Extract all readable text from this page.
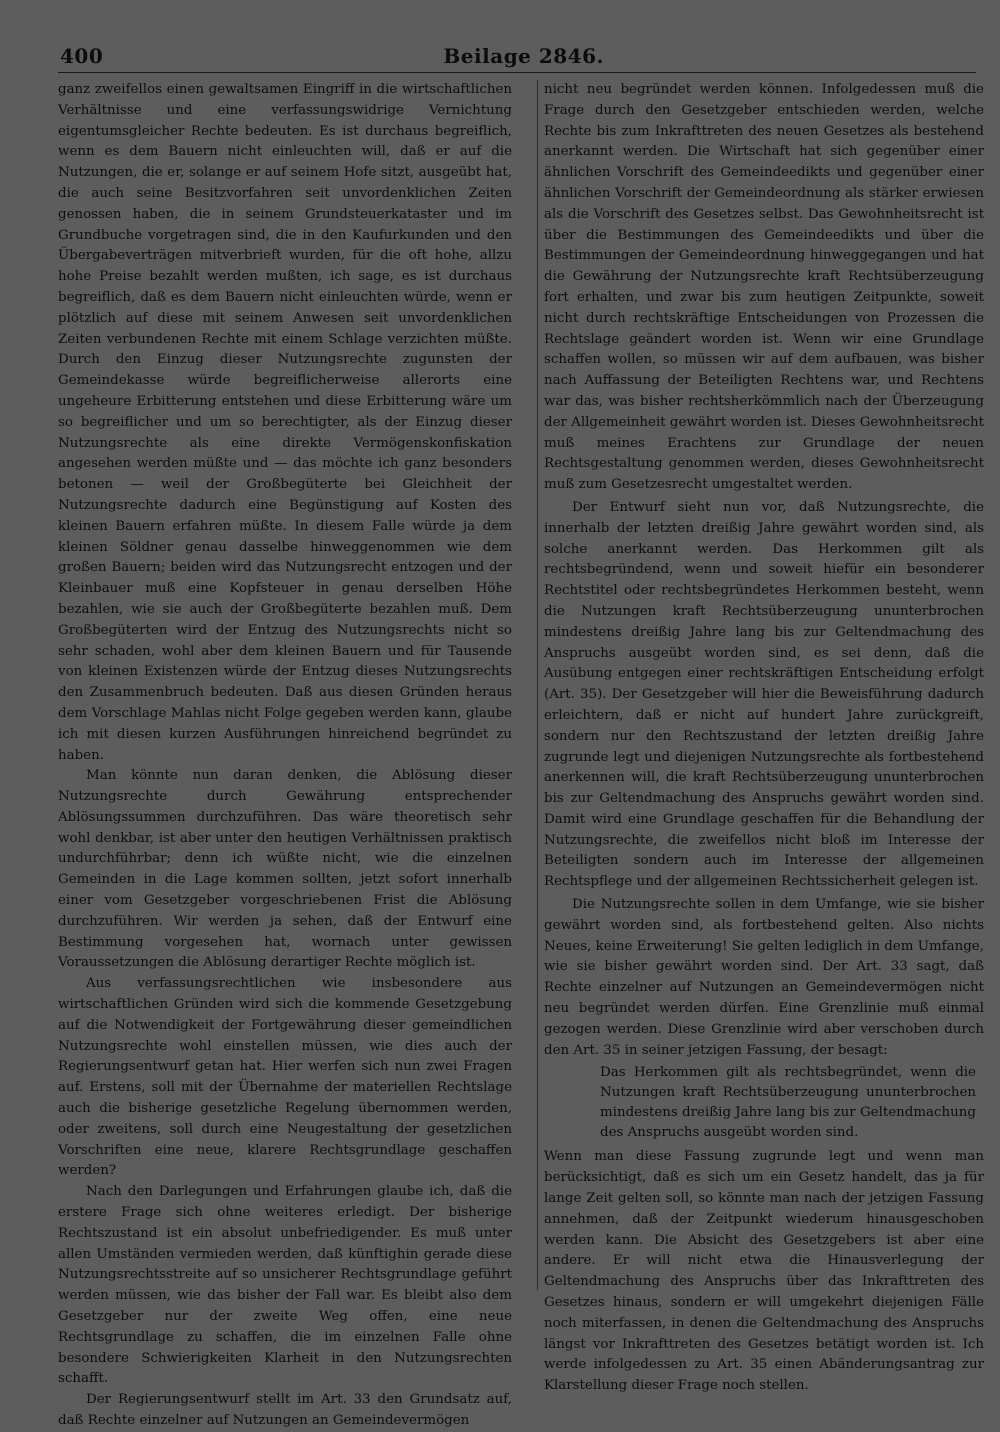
400	Beilage 2846.

ganz zweifellos einen gewaltsamen Eingriff in die wirtschaftlichen Verhältnisse und eine verfassungswidrige Vernichtung eigentumsgleicher Rechte bedeuten. Es ist durchaus begreiflich, wenn es dem Bauern nicht einleuchten will, daß er auf die Nutzungen, die er, solange er auf seinem Hofe sitzt, ausgeübt hat, die auch seine Besitzvorfahren seit unvordenklichen Zeiten genossen haben, die in seinem Grundsteuerkataster und im Grundbuche vorgetragen sind, die in den Kaufurkunden und den Übergabeverträgen mitverbrieft wurden, für die oft hohe, allzu hohe Preise bezahlt werden mußten, ich sage, es ist durchaus begreiflich, daß es dem Bauern nicht einleuchten würde, wenn er plötzlich auf diese mit seinem Anwesen seit unvordenklichen Zeiten verbundenen Rechte mit einem Schlage verzichten müßte. Durch den Einzug dieser Nutzungsrechte zugunsten der Gemeindekasse würde begreiflicherweise allerorts eine ungeheure Erbitterung entstehen und diese Erbitterung wäre um so begreiflicher und um so berechtigter, als der Einzug dieser Nutzungsrechte als eine direkte Vermögenskonfiskation angesehen werden müßte und — das möchte ich ganz besonders betonen — weil der Großbegüterte bei Gleichheit der Nutzungsrechte dadurch eine Begünstigung auf Kosten des kleinen Bauern erfahren müßte. In diesem Falle würde ja dem kleinen Söldner genau dasselbe hinweggenommen wie dem großen Bauern; beiden wird das Nutzungsrecht entzogen und der Kleinbauer muß eine Kopfsteuer in genau derselben Höhe bezahlen, wie sie auch der Großbegüterte bezahlen muß. Dem Großbegüterten wird der Entzug des Nutzungsrechts nicht so sehr schaden, wohl aber dem kleinen Bauern und für Tausende von kleinen Existenzen würde der Entzug dieses Nutzungsrechts den Zusammenbruch bedeuten. Daß aus diesen Gründen heraus dem Vorschlage Mahlas nicht Folge gegeben werden kann, glaube ich mit diesen kurzen Ausführungen hinreichend begründet zu haben.

Man könnte nun daran denken, die Ablösung dieser Nutzungsrechte durch Gewährung entsprechender Ablösungssummen durchzuführen. Das wäre theoretisch sehr wohl denkbar, ist aber unter den heutigen Verhältnissen praktisch undurchführbar; denn ich wüßte nicht, wie die einzelnen Gemeinden in die Lage kommen sollten, jetzt sofort innerhalb einer vom Gesetzgeber vorgeschriebenen Frist die Ablösung durchzuführen. Wir werden ja sehen, daß der Entwurf eine Bestimmung vorgesehen hat, wornach unter gewissen Voraussetzungen die Ablösung derartiger Rechte möglich ist.

Aus verfassungsrechtlichen wie insbesondere aus wirtschaftlichen Gründen wird sich die kommende Gesetzgebung auf die Notwendigkeit der Fortgewährung dieser gemeindlichen Nutzungsrechte wohl einstellen müssen, wie dies auch der Regierungsentwurf getan hat. Hier werfen sich nun zwei Fragen auf. Erstens, soll mit der Übernahme der materiellen Rechtslage auch die bisherige gesetzliche Regelung übernommen werden, oder zweitens, soll durch eine Neugestaltung der gesetzlichen Vorschriften eine neue, klarere Rechtsgrundlage geschaffen werden?

Nach den Darlegungen und Erfahrungen glaube ich, daß die erstere Frage sich ohne weiteres erledigt. Der bisherige Rechtszustand ist ein absolut unbefriedigender. Es muß unter allen Umständen vermieden werden, daß künftighin gerade diese Nutzungsrechtsstreite auf so unsicherer Rechtsgrundlage geführt werden müssen, wie das bisher der Fall war. Es bleibt also dem Gesetzgeber nur der zweite Weg offen, eine neue Rechtsgrundlage zu schaffen, die im einzelnen Falle ohne besondere Schwierigkeiten Klarheit in den Nutzungsrechten schafft.

Der Regierungsentwurf stellt im Art. 33 den Grundsatz auf, daß Rechte einzelner auf Nutzungen an Gemeindevermögen

nicht neu begründet werden können. Infolgedessen muß die Frage durch den Gesetzgeber entschieden werden, welche Rechte bis zum Inkrafttreten des neuen Gesetzes als bestehend anerkannt werden. Die Wirtschaft hat sich gegenüber einer ähnlichen Vorschrift des Gemeindeedikts und gegenüber einer ähnlichen Vorschrift der Gemeindeordnung als stärker erwiesen als die Vorschrift des Gesetzes selbst. Das Gewohnheitsrecht ist über die Bestimmungen des Gemeindeedikts und über die Bestimmungen der Gemeindeordnung hinweggegangen und hat die Gewährung der Nutzungsrechte kraft Rechtsüberzeugung fort erhalten, und zwar bis zum heutigen Zeitpunkte, soweit nicht durch rechtskräftige Entscheidungen von Prozessen die Rechtslage geändert worden ist. Wenn wir eine Grundlage schaffen wollen, so müssen wir auf dem aufbauen, was bisher nach Auffassung der Beteiligten Rechtens war, und Rechtens war das, was bisher rechtsherkömmlich nach der Überzeugung der Allgemeinheit gewährt worden ist. Dieses Gewohnheitsrecht muß meines Erachtens zur Grundlage der neuen Rechtsgestaltung genommen werden, dieses Gewohnheitsrecht muß zum Gesetzesrecht umgestaltet werden.

Der Entwurf sieht nun vor, daß Nutzungsrechte, die innerhalb der letzten dreißig Jahre gewährt worden sind, als solche anerkannt werden. Das Herkommen gilt als rechtsbegründend, wenn und soweit hiefür ein besonderer Rechtstitel oder rechtsbegründetes Herkommen besteht, wenn die Nutzungen kraft Rechtsüberzeugung ununterbrochen mindestens dreißig Jahre lang bis zur Geltendmachung des Anspruchs ausgeübt worden sind, es sei denn, daß die Ausübung entgegen einer rechtskräftigen Entscheidung erfolgt (Art. 35). Der Gesetzgeber will hier die Beweisführung dadurch erleichtern, daß er nicht auf hundert Jahre zurückgreift, sondern nur den Rechtszustand der letzten dreißig Jahre zugrunde legt und diejenigen Nutzungsrechte als fortbestehend anerkennen will, die kraft Rechtsüberzeugung ununterbrochen bis zur Geltendmachung des Anspruchs gewährt worden sind. Damit wird eine Grundlage geschaffen für die Behandlung der Nutzungsrechte, die zweifellos nicht bloß im Interesse der Beteiligten sondern auch im Interesse der allgemeinen Rechtspflege und der allgemeinen Rechtssicherheit gelegen ist.

Die Nutzungsrechte sollen in dem Umfange, wie sie bisher gewährt worden sind, als fortbestehend gelten. Also nichts Neues, keine Erweiterung! Sie gelten lediglich in dem Umfange, wie sie bisher gewährt worden sind. Der Art. 33 sagt, daß Rechte einzelner auf Nutzungen an Gemeindevermögen nicht neu begründet werden dürfen. Eine Grenzlinie muß einmal gezogen werden. Diese Grenzlinie wird aber verschoben durch den Art. 35 in seiner jetzigen Fassung, der besagt:

Das Herkommen gilt als rechtsbegründet, wenn die Nutzungen kraft Rechtsüberzeugung ununterbrochen mindestens dreißig Jahre lang bis zur Geltendmachung des Anspruchs ausgeübt worden sind.

Wenn man diese Fassung zugrunde legt und wenn man berücksichtigt, daß es sich um ein Gesetz handelt, das ja für lange Zeit gelten soll, so könnte man nach der jetzigen Fassung annehmen, daß der Zeitpunkt wiederum hinausgeschoben werden kann. Die Absicht des Gesetzgebers ist aber eine andere. Er will nicht etwa die Hinausverlegung der Geltendmachung des Anspruchs über das Inkrafttreten des Gesetzes hinaus, sondern er will umgekehrt diejenigen Fälle noch miterfassen, in denen die Geltendmachung des Anspruchs längst vor Inkrafttreten des Gesetzes betätigt worden ist. Ich werde infolgedessen zu Art. 35 einen Abänderungsantrag zur Klarstellung dieser Frage noch stellen.
